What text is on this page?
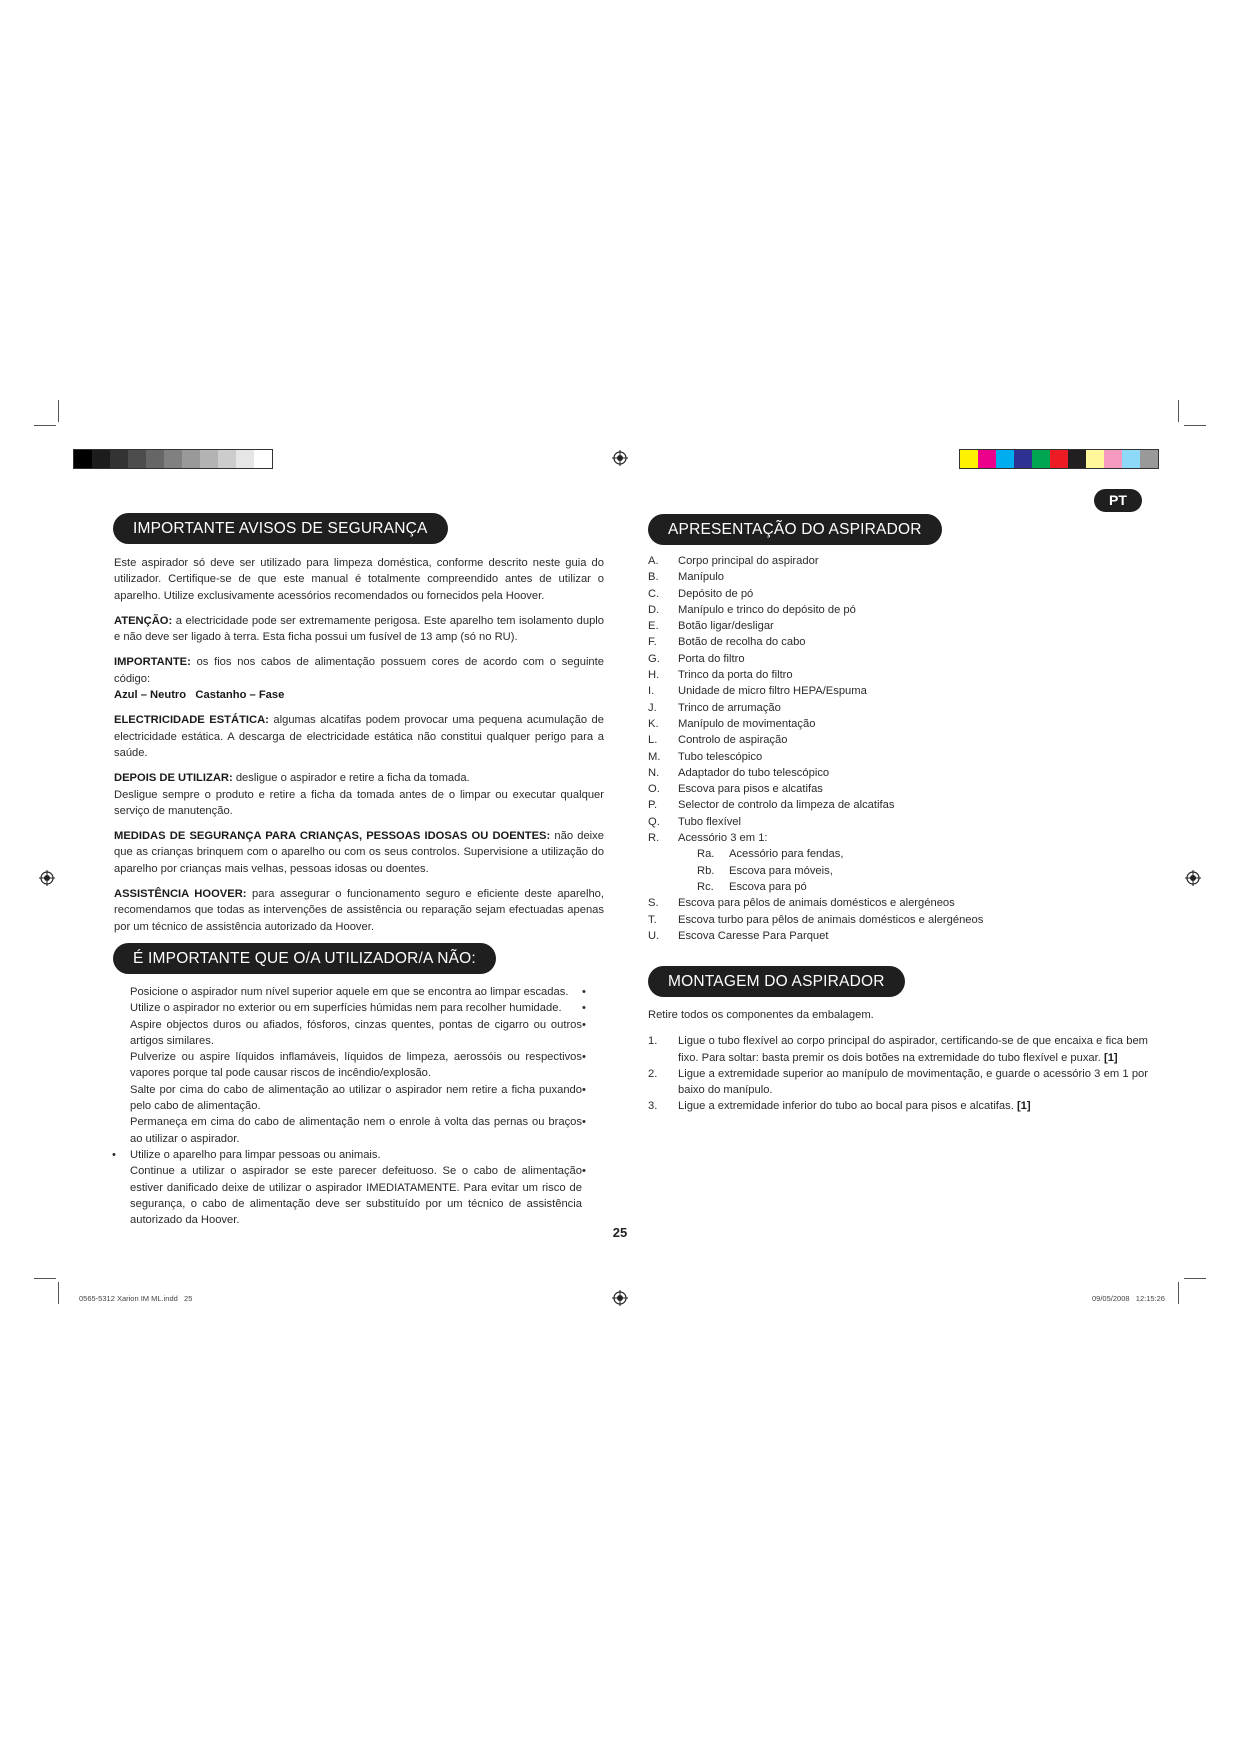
PT
IMPORTANTE AVISOS DE SEGURANÇA

Este aspirador só deve ser utilizado para limpeza doméstica, conforme descrito neste guia do utilizador. Certifique-se de que este manual é totalmente compreendido antes de utilizar o aparelho. Utilize exclusivamente acessórios recomendados ou fornecidos pela Hoover.

ATENÇÃO: a electricidade pode ser extremamente perigosa. Este aparelho tem isolamento duplo e não deve ser ligado à terra. Esta ficha possui um fusível de 13 amp (só no RU).

IMPORTANTE: os fios nos cabos de alimentação possuem cores de acordo com o seguinte código:

Azul – Neutro   Castanho – Fase

ELECTRICIDADE ESTÁTICA: algumas alcatifas podem provocar uma pequena acumulação de electricidade estática. A descarga de electricidade estática não constitui qualquer perigo para a saúde.

DEPOIS DE UTILIZAR: desligue o aspirador e retire a ficha da tomada.

Desligue sempre o produto e retire a ficha da tomada antes de o limpar ou executar qualquer serviço de manutenção.

MEDIDAS DE SEGURANÇA PARA CRIANÇAS, PESSOAS IDOSAS OU DOENTES: não deixe que as crianças brinquem com o aparelho ou com os seus controlos. Supervisione a utilização do aparelho por crianças mais velhas, pessoas idosas ou doentes.

ASSISTÊNCIA HOOVER: para assegurar o funcionamento seguro e eficiente deste aparelho, recomendamos que todas as intervenções de assistência ou reparação sejam efectuadas apenas por um técnico de assistência autorizado da Hoover.

É IMPORTANTE QUE O/A UTILIZADOR/A NÃO:
Posicione o aspirador num nível superior aquele em que se encontra ao limpar escadas.	•
Utilize o aspirador no exterior ou em superfícies húmidas nem para recolher humidade.	•
Aspire objectos duros ou afiados, fósforos, cinzas quentes, pontas de cigarro ou outros artigos similares.
•
Pulverize ou aspire líquidos inflamáveis, líquidos de limpeza, aerossóis ou respectivos vapores porque tal pode causar riscos de incêndio/explosão.
•
Salte por cima do cabo de alimentação ao utilizar o aspirador nem retire a ficha puxando pelo cabo de alimentação.
•
Permaneça em cima do cabo de alimentação nem o enrole à volta das pernas ou braços ao utilizar o aspirador.
•
•	Utilize o aparelho para limpar pessoas ou animais.
Continue a utilizar o aspirador se este parecer defeituoso. Se o cabo de alimentação estiver danificado deixe de utilizar o aspirador IMEDIATAMENTE. Para evitar um risco de segurança, o cabo de alimentação deve ser substituído por um técnico de assistência autorizado da Hoover.
•
APRESENTAÇÃO DO ASPIRADOR
A.	Corpo principal do aspirador
B.	Manípulo
C.	Depósito de pó
D.	Manípulo e trinco do depósito de pó
E.	Botão ligar/desligar
F.	Botão de recolha do cabo
G.	Porta do filtro
H.	Trinco da porta do filtro
I.	Unidade de micro filtro HEPA/Espuma
J.	Trinco de arrumação
K.	Manípulo de movimentação
L.	Controlo de aspiração
M.	Tubo telescópico
N.	Adaptador do tubo telescópico
O.	Escova para pisos e alcatifas
P.	Selector de controlo da limpeza de alcatifas
Q.	Tubo flexível
R.	Acessório 3 em 1:
Ra.	Acessório para fendas,
Rb.	Escova para móveis,
Rc.	Escova para pó
S.	Escova para pêlos de animais domésticos e alergéneos
T.	Escova turbo para pêlos de animais domésticos e alergéneos
U.	Escova Caresse Para Parquet
MONTAGEM DO ASPIRADOR

Retire todos os componentes da embalagem.

1.	Ligue o tubo flexível ao corpo principal do aspirador, certificando-se de que encaixa e fica bem fixo. Para soltar: basta premir os dois botões na extremidade do tubo flexível e puxar. [1]
2.	Ligue a extremidade superior ao manípulo de movimentação, e guarde o acessório 3 em 1 por baixo do manípulo.
3.	Ligue a extremidade inferior do tubo ao bocal para pisos e alcatifas. [1]
25
0565-5312 Xarion IM ML.indd   25	09/05/2008   12:15:26
